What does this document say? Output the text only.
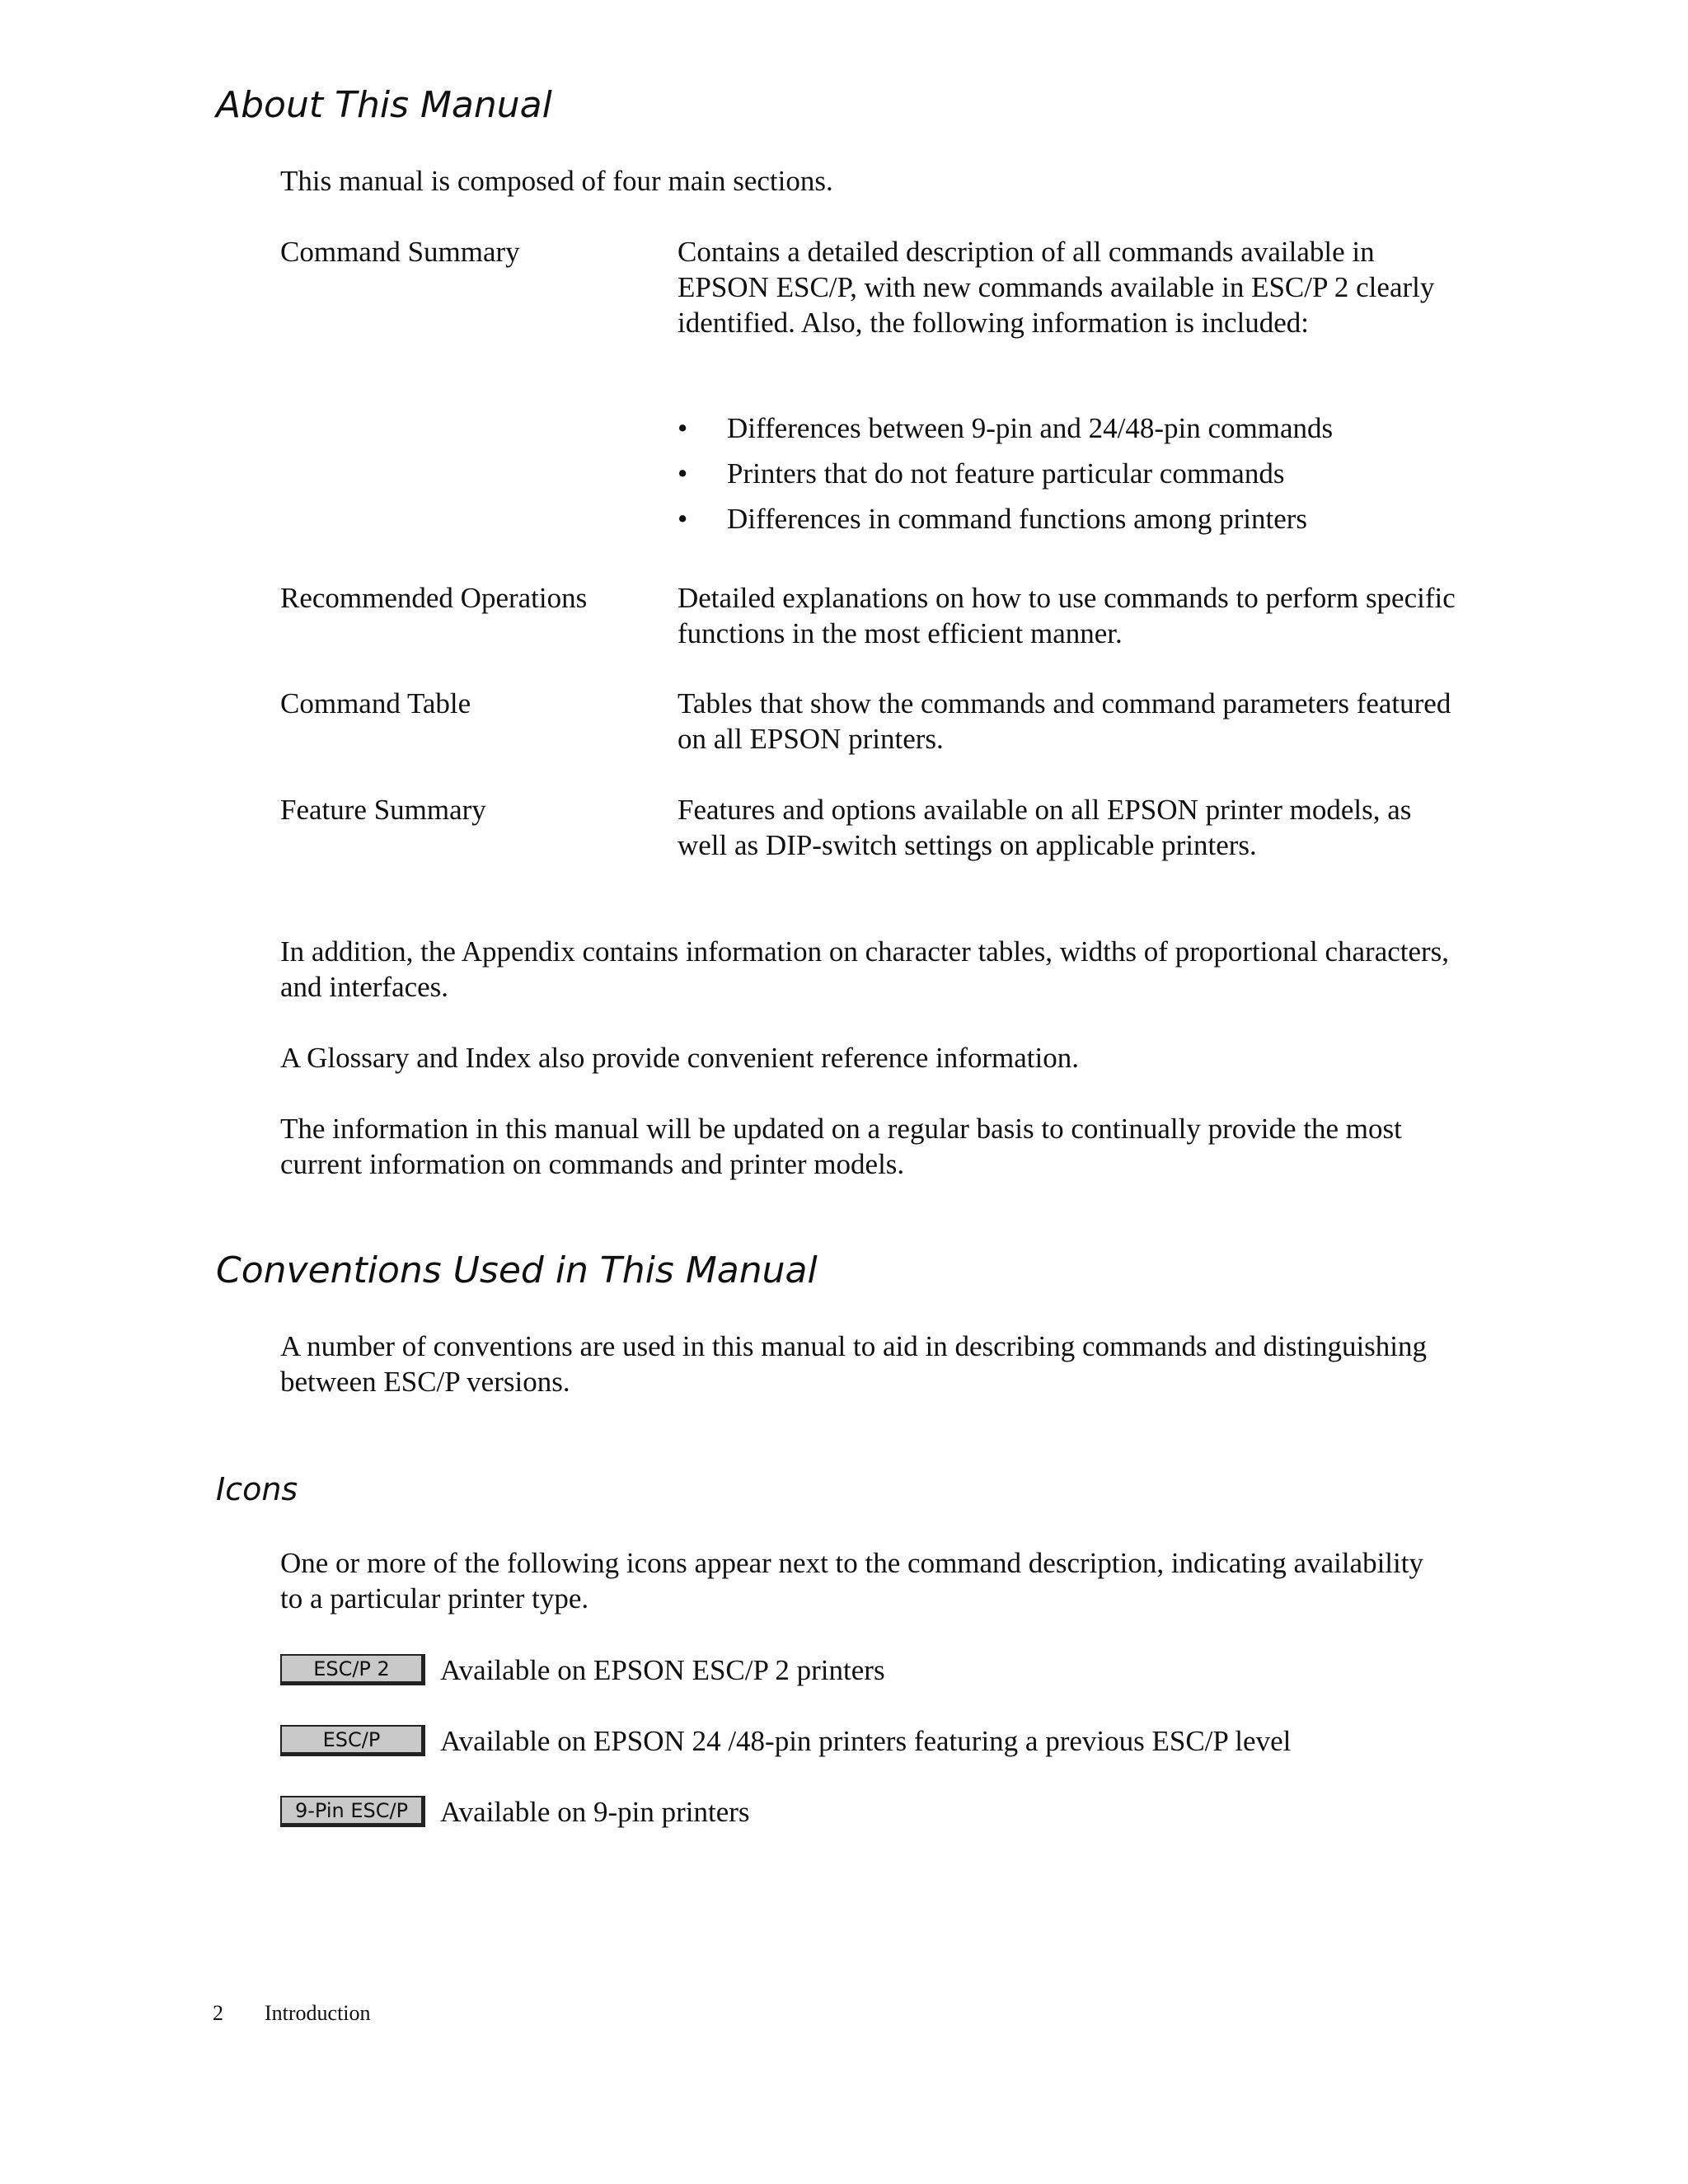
About This Manual

This manual is composed of four main sections.

Command Summary	Contains a detailed description of all commands available in EPSON ESC/P, with new commands available in ESC/P 2 clearly identified. Also, the following information is included:
• Differences between 9-pin and 24/48-pin commands
• Printers that do not feature particular commands
• Differences in command functions among printers
Recommended Operations	Detailed explanations on how to use commands to perform specific functions in the most efficient manner.
Command Table	Tables that show the commands and command parameters featured on all EPSON printers.
Feature Summary	Features and options available on all EPSON printer models, as well as DIP-switch settings on applicable printers.

In addition, the Appendix contains information on character tables, widths of proportional characters, and interfaces.

A Glossary and Index also provide convenient reference information.

The information in this manual will be updated on a regular basis to continually provide the most current information on commands and printer models.

Conventions Used in This Manual

A number of conventions are used in this manual to aid in describing commands and distinguishing between ESC/P versions.

Icons

One or more of the following icons appear next to the command description, indicating availability to a particular printer type.

ESC/P 2	Available on EPSON ESC/P 2 printers
ESC/P	Available on EPSON 24 /48-pin printers featuring a previous ESC/P level
9-Pin ESC/P	Available on 9-pin printers
2 Introduction
